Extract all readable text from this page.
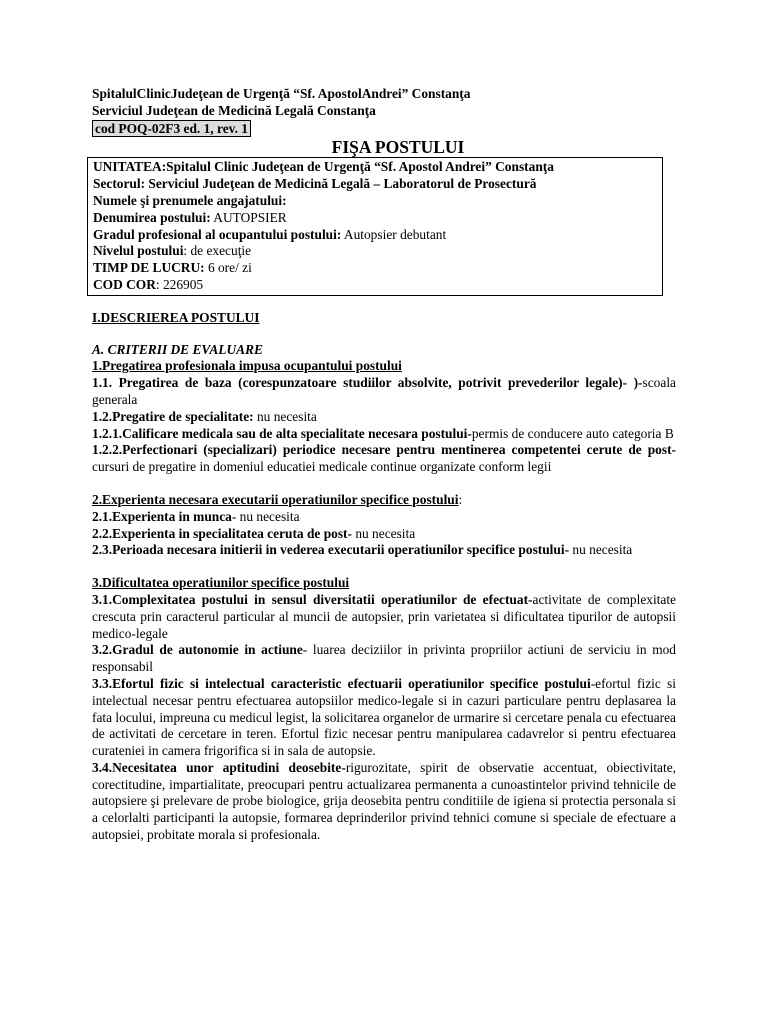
SpitalulClinicJudeţean de Urgenţă “Sf. ApostolAndrei” Constanţa
Serviciul Judeţean de Medicină Legală Constanţa
cod POQ-02F3 ed. 1, rev. 1
FIŞA POSTULUI
UNITATEA:Spitalul Clinic Judeţean de Urgenţă “Sf. Apostol Andrei” Constanţa
Sectorul: Serviciul Judeţean de Medicină Legală – Laboratorul de Prosectură
Numele şi prenumele angajatului:
Denumirea postului: AUTOPSIER
Gradul profesional al ocupantului postului: Autopsier debutant
Nivelul postului: de execuţie
TIMP DE LUCRU: 6 ore/ zi
COD COR: 226905
I.DESCRIEREA POSTULUI
A. CRITERII DE EVALUARE
1.Pregatirea profesionala impusa ocupantului postului
1.1. Pregatirea de baza (corespunzatoare studiilor absolvite, potrivit prevederilor legale)- )-scoala generala
1.2.Pregatire de specialitate: nu necesita
1.2.1.Calificare medicala sau de alta specialitate necesara postului-permis de conducere auto categoria B
1.2.2.Perfectionari (specializari) periodice necesare pentru mentinerea competentei cerute de post- cursuri de pregatire in domeniul educatiei medicale continue organizate conform legii
2.Experienta necesara executarii operatiunilor specifice postului:
2.1.Experienta in munca- nu necesita
2.2.Experienta in specialitatea ceruta de post- nu necesita
2.3.Perioada necesara initierii in vederea executarii operatiunilor specifice postului- nu necesita
3.Dificultatea operatiunilor specifice postului
3.1.Complexitatea postului in sensul diversitatii operatiunilor de efectuat-activitate de complexitate crescuta prin caracterul particular al muncii de autopsier, prin varietatea si dificultatea tipurilor de autopsii medico-legale
3.2.Gradul de autonomie in actiune- luarea deciziilor in privinta propriilor actiuni de serviciu in mod responsabil
3.3.Efortul fizic si intelectual caracteristic efectuarii operatiunilor specifice postului-efortul fizic si intelectual necesar pentru efectuarea autopsiilor medico-legale si in cazuri particulare pentru deplasarea la fata locului, impreuna cu medicul legist, la solicitarea organelor de urmarire si cercetare penala cu efectuarea de activitati de cercetare in teren. Efortul fizic necesar pentru manipularea cadavrelor si pentru efectuarea curateniei in camera frigorifica si in sala de autopsie.
3.4.Necesitatea unor aptitudini deosebite-rigurozitate, spirit de observatie accentuat, obiectivitate, corectitudine, impartialitate, preocupari pentru actualizarea permanenta a cunoastintelor privind tehnicile de autopsiere şi prelevare de probe biologice, grija deosebita pentru conditiile de igiena si protectia personala si a celorlalti participanti la autopsie, formarea deprinderilor privind tehnici comune si speciale de efectuare a autopsiei, probitate morala si profesionala.
